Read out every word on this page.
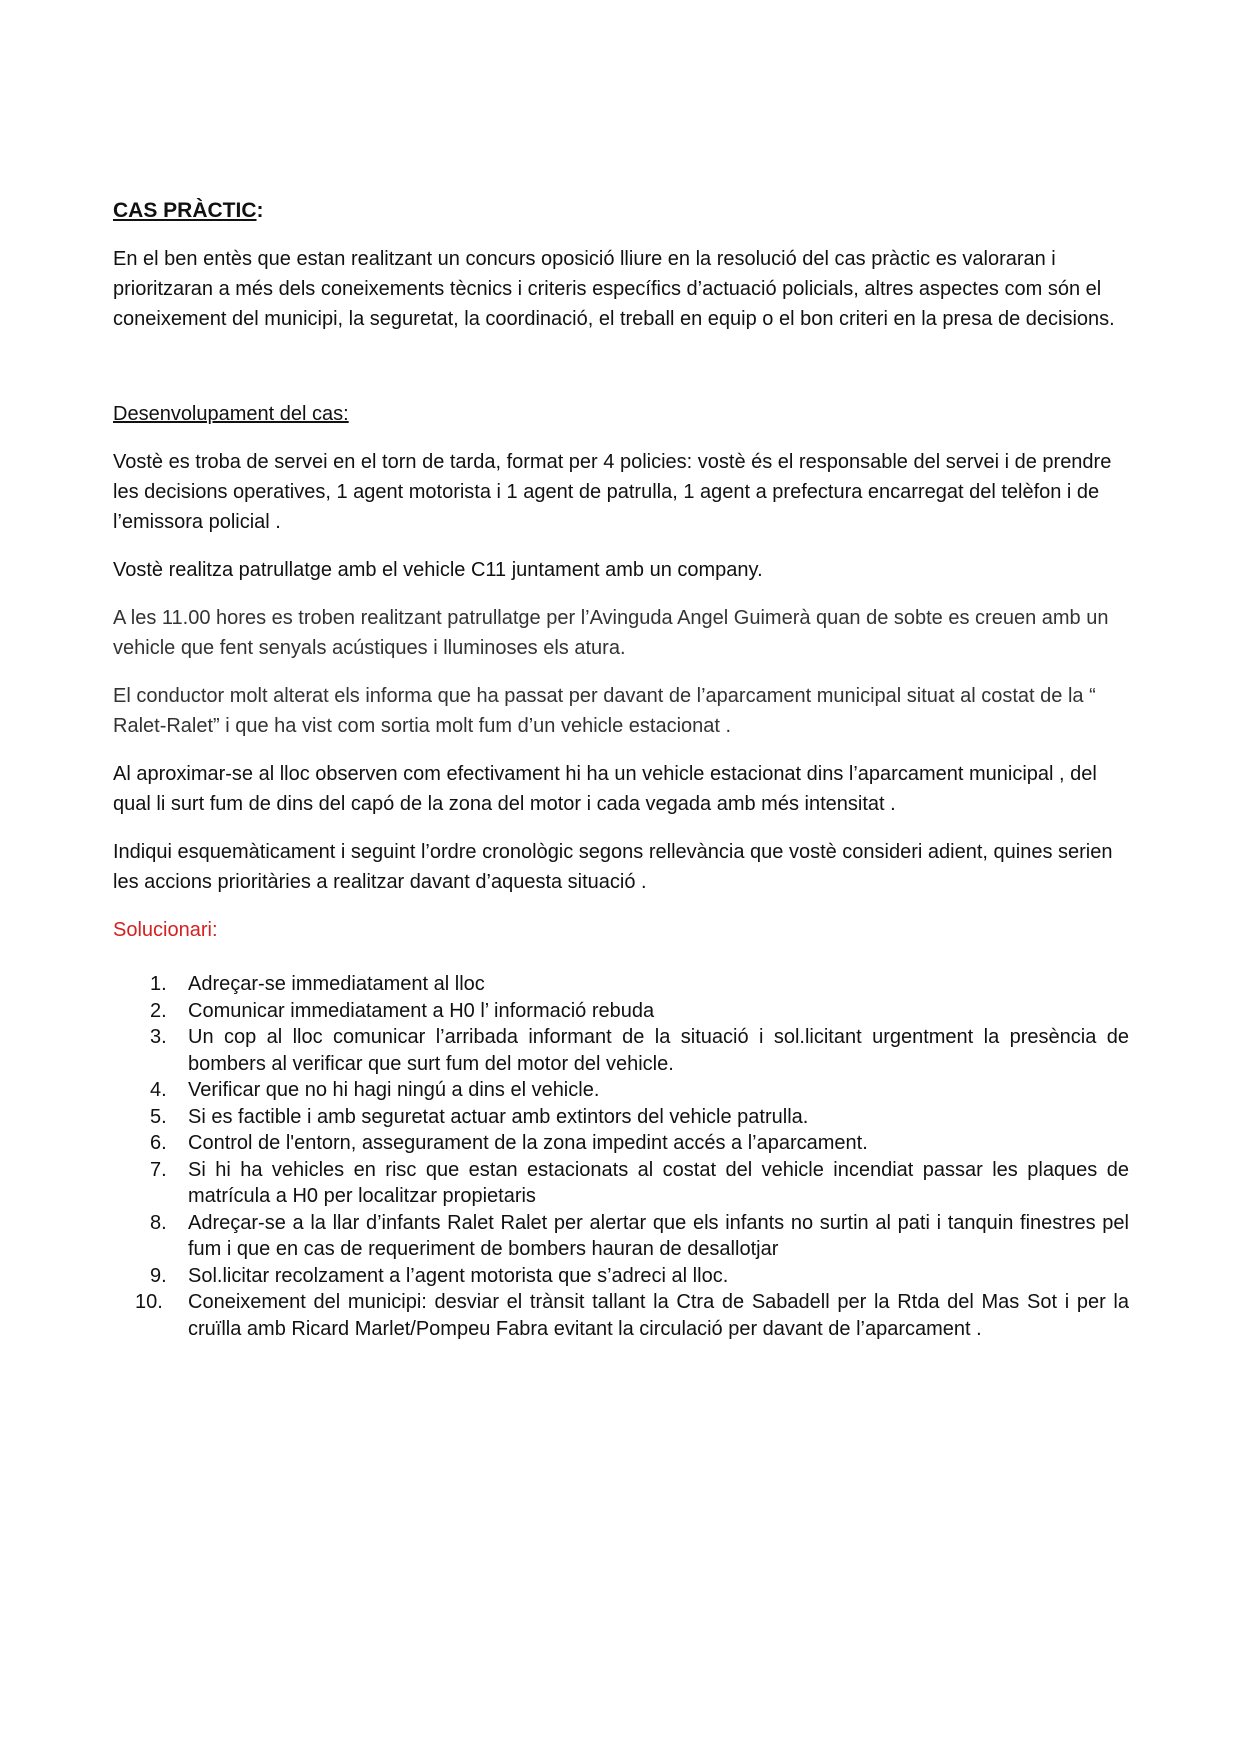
CAS PRÀCTIC:

En el ben entès que estan realitzant un concurs oposició lliure en la resolució del cas pràctic es valoraran i prioritzaran a més dels coneixements tècnics i criteris específics d’actuació policials, altres aspectes com són el coneixement del municipi, la seguretat, la coordinació, el treball en equip o el bon criteri en la presa de decisions.

Desenvolupament del cas:

Vostè es troba de servei en el torn de tarda, format per 4 policies: vostè és el responsable del servei i de prendre les decisions operatives, 1 agent motorista i 1 agent de patrulla, 1 agent a prefectura encarregat del telèfon i de l’emissora policial .

Vostè realitza patrullatge amb el vehicle C11 juntament amb un company.

A les 11.00 hores es troben realitzant patrullatge per l’Avinguda Angel Guimerà quan de sobte es creuen amb un vehicle que fent senyals acústiques i lluminoses els atura.

El conductor molt alterat els informa que ha passat per davant de l’aparcament municipal situat al costat de la “ Ralet-Ralet” i que ha vist com sortia molt fum d’un vehicle estacionat .

Al aproximar-se al lloc observen com efectivament hi ha un vehicle estacionat dins l’aparcament municipal , del qual li surt fum de dins del capó de la zona del motor i cada vegada amb més intensitat .

Indiqui esquemàticament i seguint l’ordre cronològic segons rellevància que vostè consideri adient, quines serien les accions prioritàries a realitzar davant d’aquesta situació .

Solucionari:

1. Adreçar-se immediatament al lloc
2. Comunicar immediatament a H0 l’ informació rebuda
3. Un cop al lloc comunicar l’arribada informant de la situació i sol.licitant urgentment la presència de bombers al verificar que surt fum del motor del vehicle.
4. Verificar que no hi hagi ningú a dins el vehicle.
5. Si es factible i amb seguretat actuar amb extintors del vehicle patrulla.
6. Control de l'entorn, assegurament de la zona impedint accés a l’aparcament.
7. Si hi ha vehicles en risc que estan estacionats al costat del vehicle incendiat passar les plaques de matrícula a H0 per localitzar propietaris
8. Adreçar-se a la llar d’infants Ralet Ralet per alertar que els infants no surtin al pati i tanquin finestres pel fum i que en cas de requeriment de bombers hauran de desallotjar
9. Sol.licitar recolzament a l’agent motorista que s’adreci al lloc.
10. Coneixement del municipi: desviar el trànsit tallant la Ctra de Sabadell per la Rtda del Mas Sot i per la cruïlla amb Ricard Marlet/Pompeu Fabra evitant la circulació per davant de l’aparcament .
